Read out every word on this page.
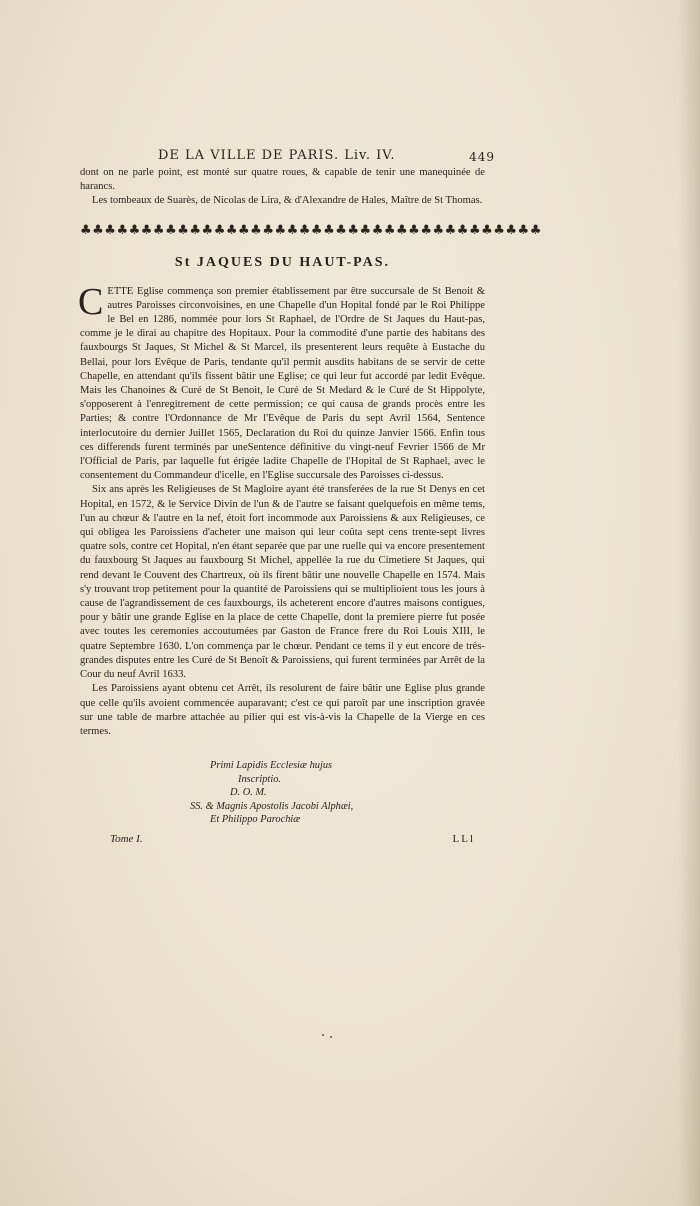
DE LA VILLE DE PARIS. Liv. IV.	449

dont on ne parle point, est monté sur quatre roues, & capable de tenir une manequinée de harancs.

Les tombeaux de Suarès, de Nicolas de Lira, & d'Alexandre de Hales, Maître de St Thomas.

♣♣♣♣♣♣♣♣♣♣♣♣♣♣♣♣♣♣♣♣♣♣♣♣♣♣♣♣♣♣♣♣♣♣♣♣♣♣
St JAQUES DU HAUT-PAS.

CETTE Eglise commença son premier établissement par être succursale de St Benoit & autres Paroisses circonvoisines, en une Chapelle d'un Hopital fondé par le Roi Philippe le Bel en 1286, nommée pour lors St Raphael, de l'Ordre de St Jaques du Haut-pas, comme je le dirai au chapitre des Hopitaux. Pour la commodité d'une partie des habitans des fauxbourgs St Jaques, St Michel & St Marcel, ils presenterent leurs requête à Eustache du Bellai, pour lors Evêque de Paris, tendante qu'il permit ausdits habitans de se servir de cette Chapelle, en attendant qu'ils fissent bâtir une Eglise; ce qui leur fut accordé par ledit Evêque. Mais les Chanoines & Curé de St Benoit, le Curé de St Medard & le Curé de St Hippolyte, s'opposerent à l'enregitrement de cette permission; ce qui causa de grands procès entre les Parties; & contre l'Ordonnance de Mr l'Evêque de Paris du sept Avril 1564, Sentence interlocutoire du dernier Juillet 1565, Declaration du Roi du quinze Janvier 1566. Enfin tous ces differends furent terminés par uneSentence définitive du vingt-neuf Fevrier 1566 de Mr l'Official de Paris, par laquelle fut érigée ladite Chapelle de l'Hopital de St Raphael, avec le consentement du Commandeur d'icelle, en l'Eglise succursale des Paroisses ci-dessus.

Six ans après les Religieuses de St Magloire ayant été transferées de la rue St Denys en cet Hopital, en 1572, & le Service Divin de l'un & de l'autre se faisant quelquefois en même tems, l'un au chœur & l'autre en la nef, étoit fort incommode aux Paroissiens & aux Religieuses, ce qui obligea les Paroissiens d'acheter une maison qui leur coûta sept cens trente-sept livres quatre sols, contre cet Hopital, n'en étant separée que par une ruelle qui va encore presentement du fauxbourg St Jaques au fauxbourg St Michel, appellée la rue du Cimetiere St Jaques, qui rend devant le Couvent des Chartreux, où ils firent bâtir une nouvelle Chapelle en 1574. Mais s'y trouvant trop petitement pour la quantité de Paroissiens qui se multiplioient tous les jours à cause de l'agrandissement de ces fauxbourgs, ils acheterent encore d'autres maisons contigues, pour y bâtir une grande Eglise en la place de cette Chapelle, dont la premiere pierre fut posée avec toutes les ceremonies accoutumées par Gaston de France frere du Roi Louis XIII, le quatre Septembre 1630. L'on commença par le chœur. Pendant ce tems il y eut encore de très-grandes disputes entre les Curé de St Benoît & Paroissiens, qui furent terminées par Arrêt de la Cour du neuf Avril 1633.

Les Paroissiens ayant obtenu cet Arrêt, ils resolurent de faire bâtir une Eglise plus grande que celle qu'ils avoient commencée auparavant; c'est ce qui paroît par une inscription gravée sur une table de marbre attachée au pilier qui est vis-à-vis la Chapelle de la Vierge en ces termes.

Primi Lapidis Ecclesiæ hujus
Inscriptio.
D. O. M.
SS. & Magnis Apostolis Jacobi Alphæi,
Et Philippo Parochiæ
Tome I.	LLl
